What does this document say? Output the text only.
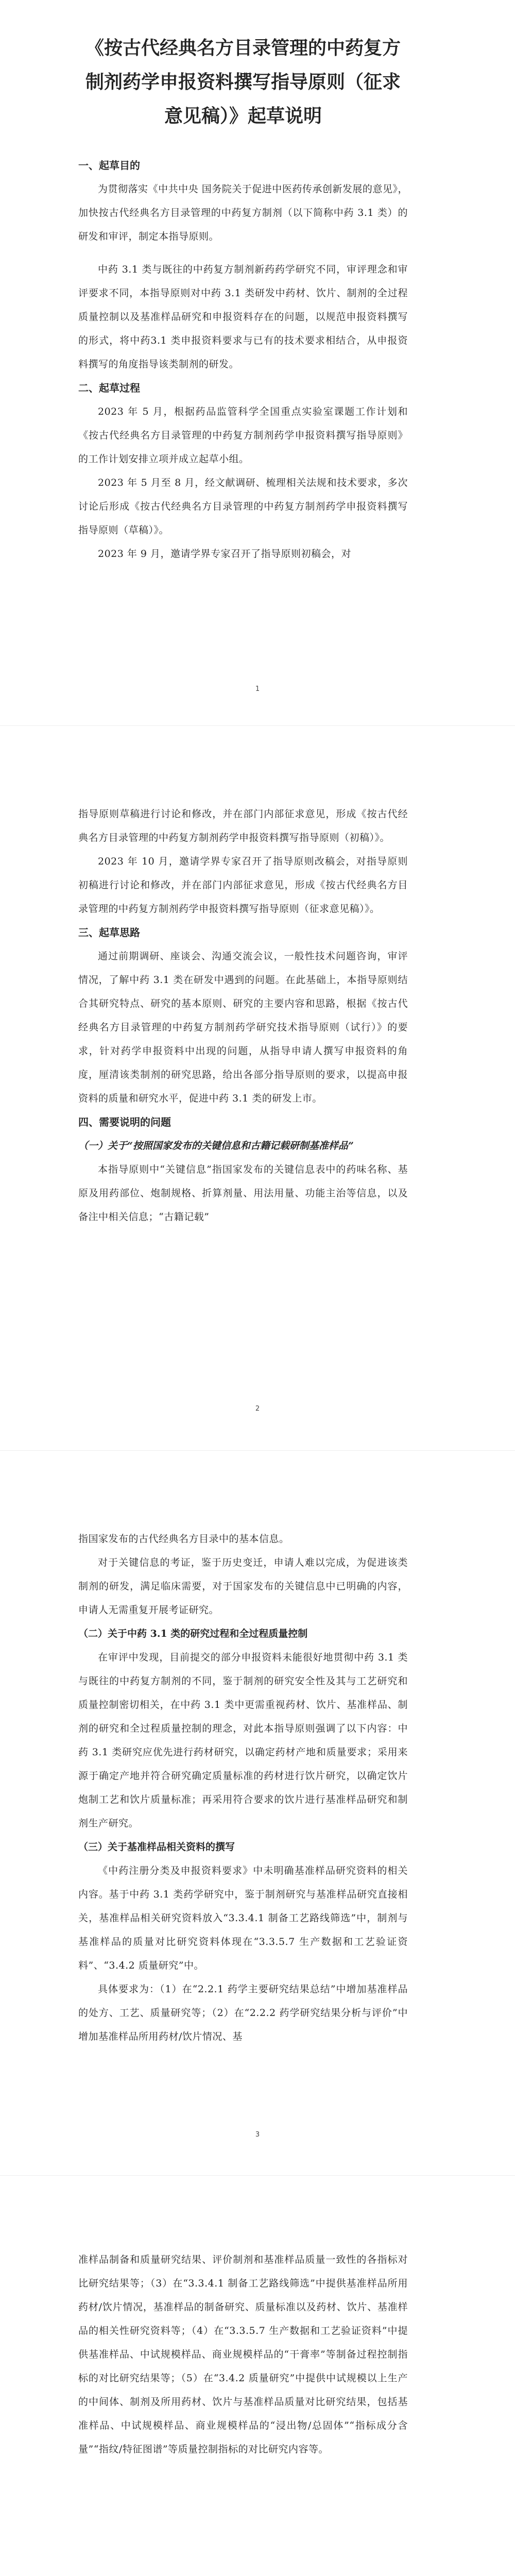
《按古代经典名方目录管理的中药复方制剂药学申报资料撰写指导原则（征求意见稿）》起草说明
一、起草目的

为贯彻落实《中共中央 国务院关于促进中医药传承创新发展的意见》，加快按古代经典名方目录管理的中药复方制剂（以下简称中药 3.1 类）的研发和审评，制定本指导原则。

中药 3.1 类与既往的中药复方制剂新药药学研究不同，审评理念和审评要求不同，本指导原则对中药 3.1 类研发中药材、饮片、制剂的全过程质量控制以及基准样品研究和申报资料存在的问题，以规范申报资料撰写的形式，将中药3.1 类申报资料要求与已有的技术要求相结合，从申报资料撰写的角度指导该类制剂的研发。

二、起草过程

2023 年 5 月，根据药品监管科学全国重点实验室课题工作计划和《按古代经典名方目录管理的中药复方制剂药学申报资料撰写指导原则》的工作计划安排立项并成立起草小组。

2023 年 5 月至 8 月，经文献调研、梳理相关法规和技术要求，多次讨论后形成《按古代经典名方目录管理的中药复方制剂药学申报资料撰写指导原则（草稿）》。

2023 年 9 月，邀请学界专家召开了指导原则初稿会，对

1

指导原则草稿进行讨论和修改，并在部门内部征求意见，形成《按古代经典名方目录管理的中药复方制剂药学申报资料撰写指导原则（初稿）》。

2023 年 10 月，邀请学界专家召开了指导原则改稿会，对指导原则初稿进行讨论和修改，并在部门内部征求意见，形成《按古代经典名方目录管理的中药复方制剂药学申报资料撰写指导原则（征求意见稿）》。

三、起草思路

通过前期调研、座谈会、沟通交流会议，一般性技术问题咨询，审评情况，了解中药 3.1 类在研发中遇到的问题。在此基础上，本指导原则结合其研究特点、研究的基本原则、研究的主要内容和思路，根据《按古代经典名方目录管理的中药复方制剂药学研究技术指导原则（试行）》的要求，针对药学申报资料中出现的问题，从指导申请人撰写申报资料的角度，厘清该类制剂的研究思路，给出各部分指导原则的要求，以提高申报资料的质量和研究水平，促进中药 3.1 类的研发上市。

四、需要说明的问题
（一）关于“按照国家发布的关键信息和古籍记载研制基准样品”

本指导原则中“关键信息”指国家发布的关键信息表中的药味名称、基原及用药部位、炮制规格、折算剂量、用法用量、功能主治等信息，以及备注中相关信息；“古籍记载”

2

指国家发布的古代经典名方目录中的基本信息。

对于关键信息的考证，鉴于历史变迁，申请人难以完成，为促进该类制剂的研发，满足临床需要，对于国家发布的关键信息中已明确的内容，申请人无需重复开展考证研究。

（二）关于中药 3.1 类的研究过程和全过程质量控制

在审评中发现，目前提交的部分申报资料未能很好地贯彻中药 3.1 类与既往的中药复方制剂的不同，鉴于制剂的研究安全性及其与工艺研究和质量控制密切相关，在中药 3.1 类中更需重视药材、饮片、基准样品、制剂的研究和全过程质量控制的理念，对此本指导原则强调了以下内容：中药 3.1 类研究应优先进行药材研究，以确定药材产地和质量要求；采用来源于确定产地并符合研究确定质量标准的药材进行饮片研究，以确定饮片炮制工艺和饮片质量标准；再采用符合要求的饮片进行基准样品研究和制剂生产研究。

（三）关于基准样品相关资料的撰写

《中药注册分类及申报资料要求》中未明确基准样品研究资料的相关内容。基于中药 3.1 类药学研究中，鉴于制剂研究与基准样品研究直接相关，基准样品相关研究资料放入“3.3.4.1 制备工艺路线筛选”中，制剂与基准样品的质量对比研究资料体现在“3.3.5.7 生产数据和工艺验证资料”、“3.4.2 质量研究”中。

具体要求为：（1）在“2.2.1 药学主要研究结果总结”中增加基准样品的处方、工艺、质量研究等；（2）在“2.2.2 药学研究结果分析与评价”中增加基准样品所用药材/饮片情况、基

3

准样品制备和质量研究结果、评价制剂和基准样品质量一致性的各指标对比研究结果等；（3）在“3.3.4.1 制备工艺路线筛选”中提供基准样品所用药材/饮片情况，基准样品的制备研究、质量标准以及药材、饮片、基准样品的相关性研究资料等；（4）在“3.3.5.7 生产数据和工艺验证资料”中提供基准样品、中试规模样品、商业规模样品的“干膏率”等制备过程控制指标的对比研究结果等；（5）在“3.4.2 质量研究”中提供中试规模以上生产的中间体、制剂及所用药材、饮片与基准样品质量对比研究结果，包括基准样品、中试规模样品、商业规模样品的“浸出物/总固体”“指标成分含量”“指纹/特征图谱”等质量控制指标的对比研究内容等。
